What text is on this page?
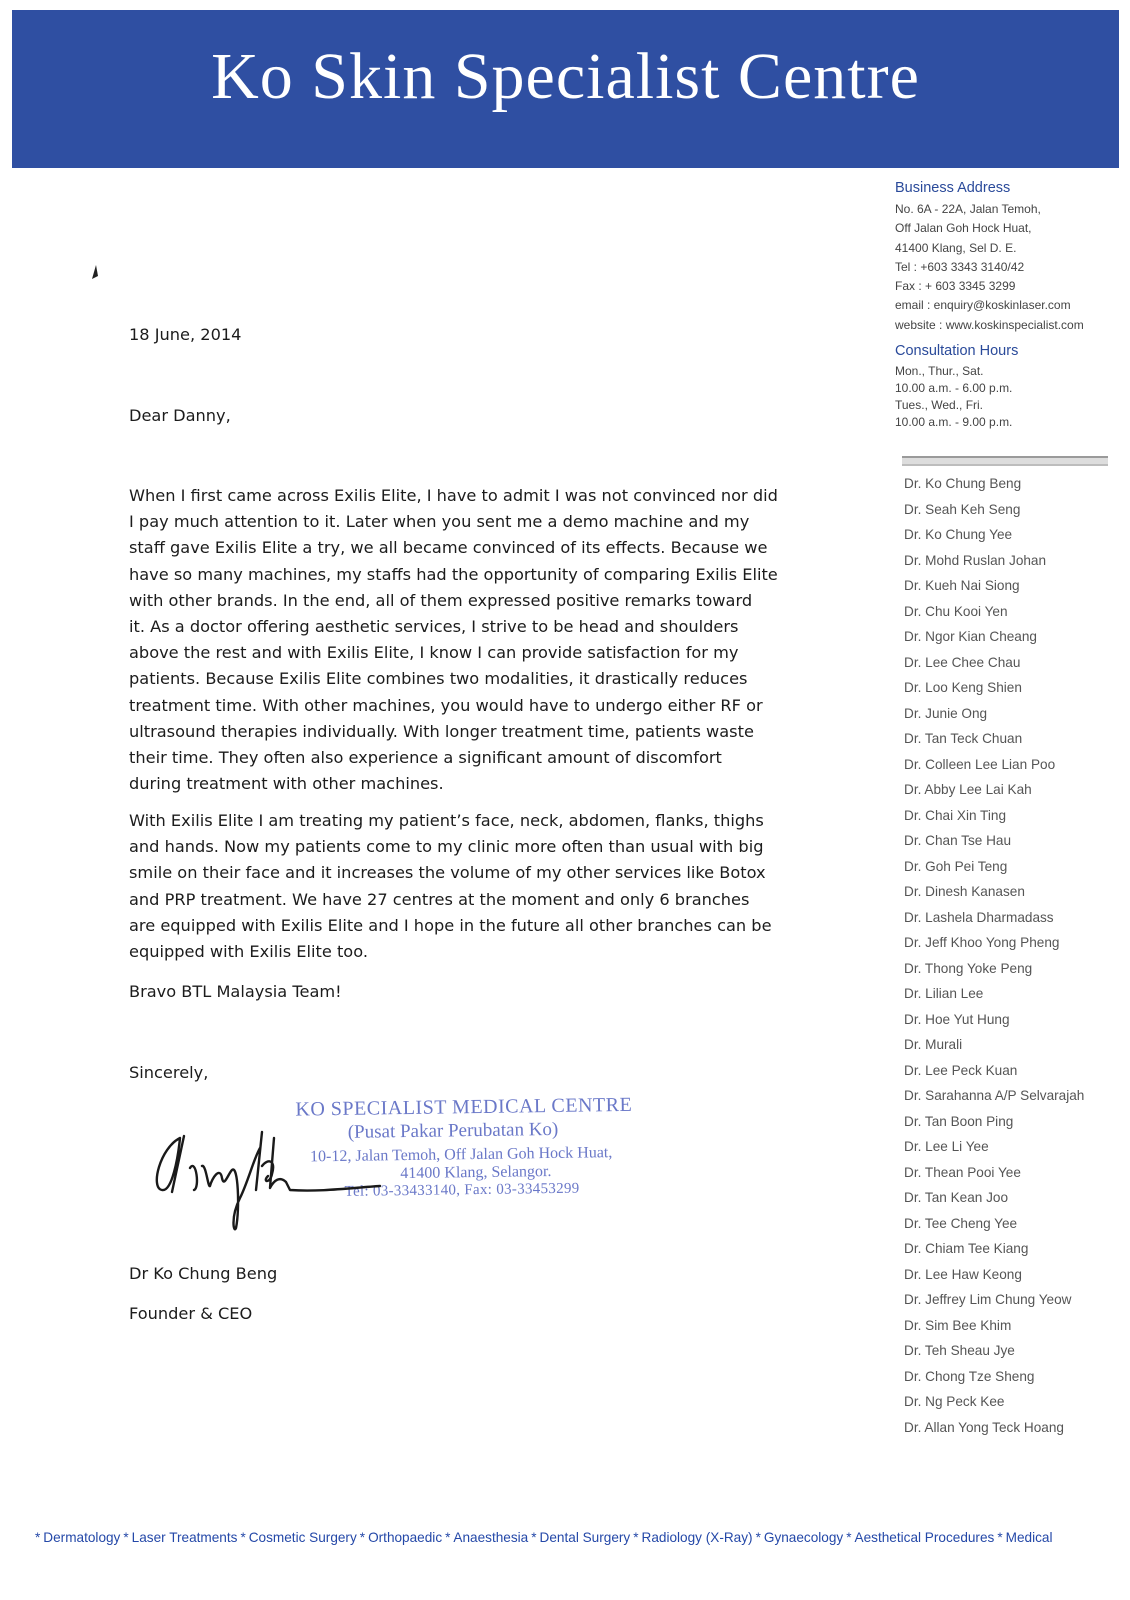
Ko Skin Specialist Centre
Business Address
No. 6A - 22A, Jalan Temoh,
Off Jalan Goh Hock Huat,
41400 Klang, Sel D. E.
Tel : +603 3343 3140/42
Fax : + 603 3345 3299
email : enquiry@koskinlaser.com
website : www.koskinspecialist.com
Consultation Hours
Mon., Thur., Sat.
10.00 a.m. - 6.00 p.m.
Tues., Wed., Fri.
10.00 a.m. - 9.00 p.m.
Dr. Ko Chung Beng
Dr. Seah Keh Seng
Dr. Ko Chung Yee
Dr. Mohd Ruslan Johan
Dr. Kueh Nai Siong
Dr. Chu Kooi Yen
Dr. Ngor Kian Cheang
Dr. Lee Chee Chau
Dr. Loo Keng Shien
Dr. Junie Ong
Dr. Tan Teck Chuan
Dr. Colleen Lee Lian Poo
Dr. Abby Lee Lai Kah
Dr. Chai Xin Ting
Dr. Chan Tse Hau
Dr. Goh Pei Teng
Dr. Dinesh Kanasen
Dr. Lashela Dharmadass
Dr. Jeff Khoo Yong Pheng
Dr. Thong Yoke Peng
Dr. Lilian Lee
Dr. Hoe Yut Hung
Dr. Murali
Dr. Lee Peck Kuan
Dr. Sarahanna A/P Selvarajah
Dr. Tan Boon Ping
Dr. Lee Li Yee
Dr. Thean Pooi Yee
Dr. Tan Kean Joo
Dr. Tee Cheng Yee
Dr. Chiam Tee Kiang
Dr. Lee Haw Keong
Dr. Jeffrey Lim Chung Yeow
Dr. Sim Bee Khim
Dr. Teh Sheau Jye
Dr. Chong Tze Sheng
Dr. Ng Peck Kee
Dr. Allan Yong Teck Hoang
18 June, 2014
Dear Danny,
When I first came across Exilis Elite, I have to admit I was not convinced nor did
I pay much attention to it. Later when you sent me a demo machine and my
staff gave Exilis Elite a try, we all became convinced of its effects. Because we
have so many machines, my staffs had the opportunity of comparing Exilis Elite
with other brands. In the end, all of them expressed positive remarks toward
it. As a doctor offering aesthetic services, I strive to be head and shoulders
above the rest and with Exilis Elite, I know I can provide satisfaction for my
patients. Because Exilis Elite combines two modalities, it drastically reduces
treatment time. With other machines, you would have to undergo either RF or
ultrasound therapies individually. With longer treatment time, patients waste
their time. They often also experience a significant amount of discomfort
during treatment with other machines.
With Exilis Elite I am treating my patient’s face, neck, abdomen, flanks, thighs
and hands. Now my patients come to my clinic more often than usual with big
smile on their face and it increases the volume of my other services like Botox
and PRP treatment. We have 27 centres at the moment and only 6 branches
are equipped with Exilis Elite and I hope in the future all other branches can be
equipped with Exilis Elite too.
Bravo BTL Malaysia Team!
Sincerely,
KO SPECIALIST MEDICAL CENTRE
(Pusat Pakar Perubatan Ko)
10-12, Jalan Temoh, Off Jalan Goh Hock Huat,
41400 Klang, Selangor.
Tel: 03-33433140, Fax: 03-33453299
Dr Ko Chung Beng
Founder & CEO
* Dermatology * Laser Treatments * Cosmetic Surgery * Orthopaedic * Anaesthesia * Dental Surgery * Radiology (X-Ray) * Gynaecology * Aesthetical Procedures * Medical
